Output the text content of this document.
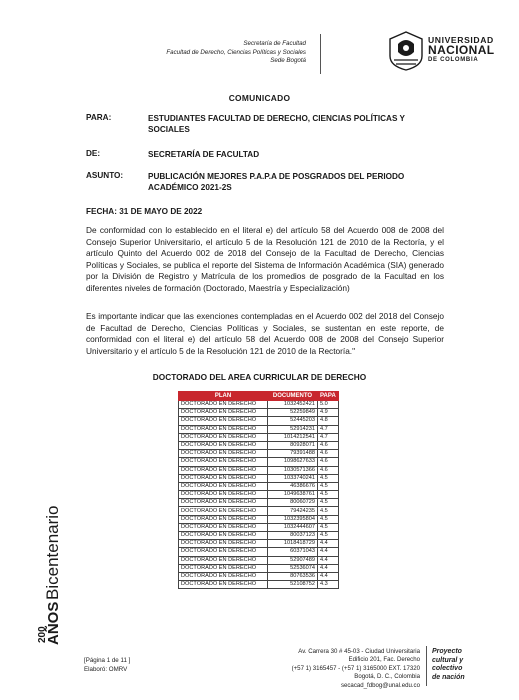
Secretaría de Facultad
Facultad de Derecho, Ciencias Políticas y Sociales
Sede Bogotá
UNIVERSIDAD
NACIONAL
DE COLOMBIA
COMUNICADO
PARA:	ESTUDIANTES FACULTAD DE DERECHO, CIENCIAS POLÍTICAS Y SOCIALES
DE:	SECRETARÍA DE FACULTAD
ASUNTO:	PUBLICACIÓN MEJORES P.A.P.A DE POSGRADOS DEL PERIODO ACADÉMICO 2021-2S
FECHA: 31 DE MAYO DE 2022
De conformidad con lo establecido en el literal e) del artículo 58 del Acuerdo 008 de 2008 del Consejo Superior Universitario, el artículo 5 de la Resolución 121 de 2010 de la Rectoría, y el artículo Quinto del Acuerdo 002 de 2018 del Consejo de la Facultad de Derecho, Ciencias Políticas y Sociales, se publica el reporte del Sistema de Información Académica (SIA) generado por la División de Registro y Matrícula de los promedios de posgrado de la Facultad en los diferentes niveles de formación (Doctorado, Maestría y Especialización)
Es importante indicar que las exenciones contempladas en el Acuerdo 002 del 2018 del Consejo de Facultad de Derecho, Ciencias Políticas y Sociales, se sustentan en este reporte, de conformidad con el literal e) del artículo 58 del Acuerdo 008 de 2008 del Consejo Superior Universitario y el artículo 5 de la Resolución 121 de 2010 de la Rectoría."
DOCTORADO DEL AREA CURRICULAR DE DERECHO
PLAN	DOCUMENTO	PAPA
DOCTORADO EN DERECHO	1032452421	5.0
DOCTORADO EN DERECHO	52259849	4.9
DOCTORADO EN DERECHO	52445203	4.8
DOCTORADO EN DERECHO	52914231	4.7
DOCTORADO EN DERECHO	1014212541	4.7
DOCTORADO EN DERECHO	80928071	4.6
DOCTORADO EN DERECHO	79391488	4.6
DOCTORADO EN DERECHO	1098627633	4.6
DOCTORADO EN DERECHO	1030571366	4.6
DOCTORADO EN DERECHO	1033740241	4.5
DOCTORADO EN DERECHO	46386676	4.5
DOCTORADO EN DERECHO	1049638761	4.5
DOCTORADO EN DERECHO	80060729	4.5
DOCTORADO EN DERECHO	79424235	4.5
DOCTORADO EN DERECHO	1032395804	4.5
DOCTORADO EN DERECHO	1032444607	4.5
DOCTORADO EN DERECHO	80037123	4.5
DOCTORADO EN DERECHO	1018418729	4.4
DOCTORADO EN DERECHO	60371043	4.4
DOCTORADO EN DERECHO	52907489	4.4
DOCTORADO EN DERECHO	52536074	4.4
DOCTORADO EN DERECHO	80763536	4.4
DOCTORADO EN DERECHO	52108752	4.3
AÑOS
Bicentenario
200
[Página 1 de 11 ]
Elaboró: OMRV
Av. Carrera 30 # 45-03 - Ciudad Universitaria
Edificio 201, Fac. Derecho
(+57 1) 3165457 - (+57 1) 3165000 EXT. 17320
Bogotá, D. C., Colombia
secacad_fdbog@unal.edu.co
Proyecto
cultural y
colectivo
de nación
